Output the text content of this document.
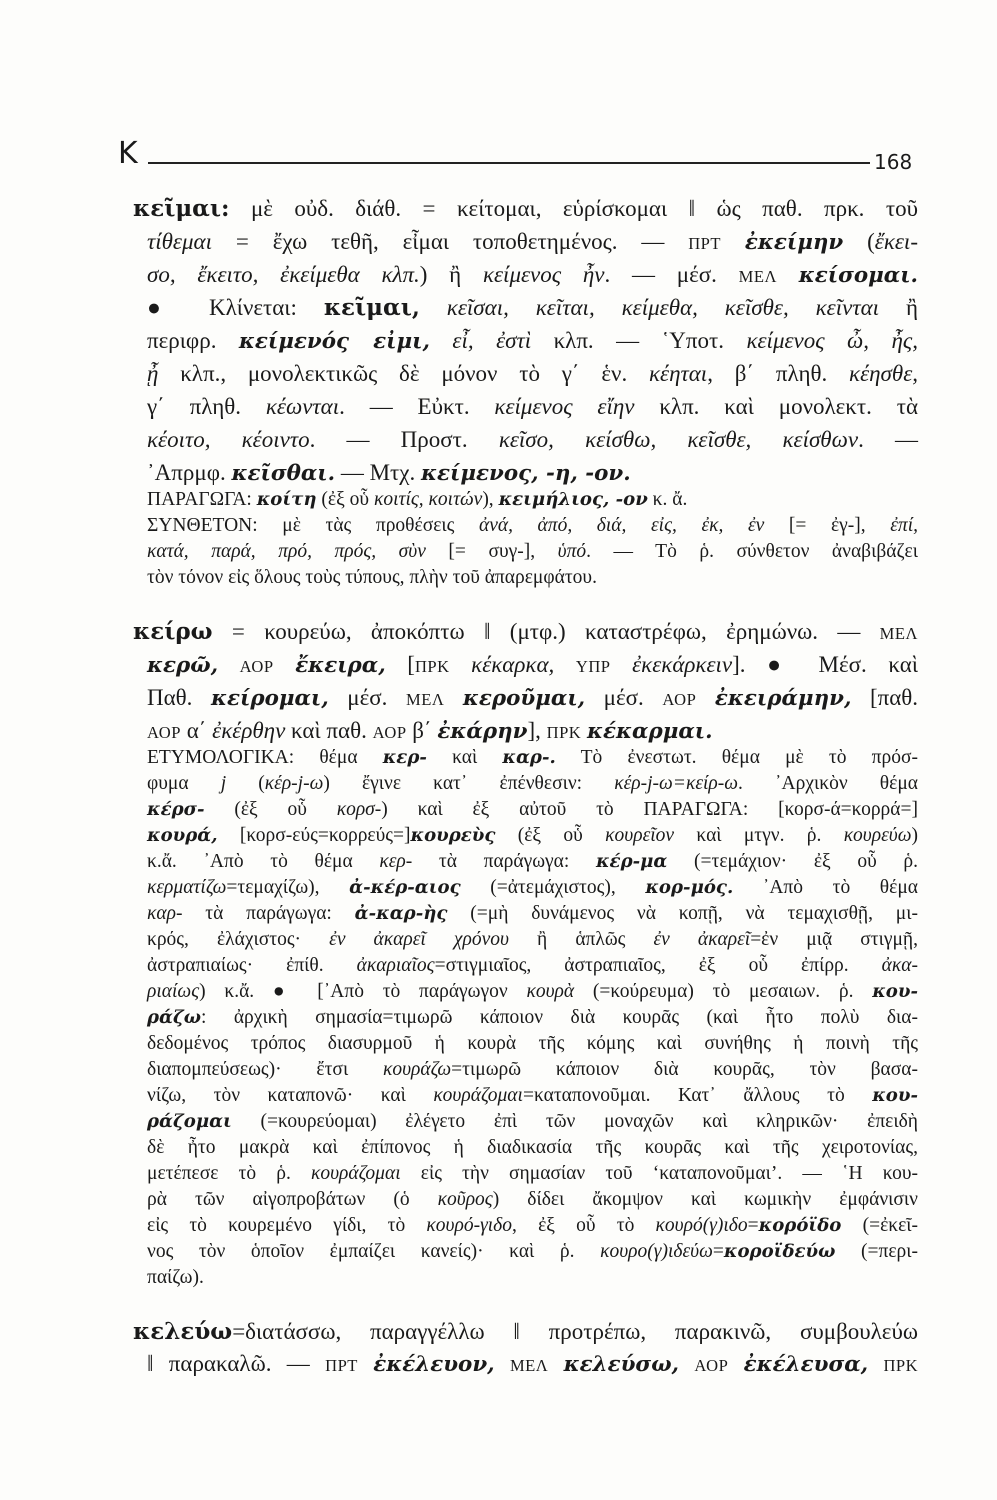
K	168
κεῖμαι: μὲ οὐδ. διάθ. = κείτομαι, εὑρίσκομαι ‖ ὡς παθ. πρκ. τοῦ
τίθεμαι = ἔχω τεθῆ, εἶμαι τοποθετημένος. — ΠΡΤ ἐκείμην (ἔκει-
σο, ἔκειτο, ἐκείμεθα κλπ.) ἢ κείμενος ἦν. — μέσ. ΜΕΛ κείσομαι.
● Κλίνεται: κεῖμαι, κεῖσαι, κεῖται, κείμεθα, κεῖσθε, κεῖνται ἢ
περιφρ. κείμενός εἰμι, εἶ, ἐστὶ κλπ. — ῾Υποτ. κείμενος ὦ, ἦς,
ᾖ κλπ., μονολεκτικῶς δὲ μόνον τὸ γ΄ ἑν. κέηται, β΄ πληθ. κέησθε,
γ΄ πληθ. κέωνται. — Εὐκτ. κείμενος εἴην κλπ. καὶ μονολεκτ. τὰ
κέοιτο, κέοιντο. — Προστ. κεῖσο, κείσθω, κεῖσθε, κείσθων. —
᾿Απρμφ. κεῖσθαι. — Μτχ. κείμενος, -η, -ον.
ΠΑΡΑΓΩΓΑ: κοίτη (ἐξ οὗ κοιτίς, κοιτών), κειμήλιος, -ον κ. ἄ.
ΣΥΝΘΕΤΟΝ: μὲ τὰς προθέσεις ἀνά, ἀπό, διά, εἰς, ἐκ, ἐν [= ἐγ-], ἐπί,
κατά, παρά, πρό, πρός, σὺν [= συγ-], ὑπό. — Τὸ ῥ. σύνθετον ἀναβιβάζει
τὸν τόνον εἰς ὅλους τοὺς τύπους, πλὴν τοῦ ἀπαρεμφάτου.
κείρω = κουρεύω, ἀποκόπτω ‖ (μτφ.) καταστρέφω, ἐρημώνω. — ΜΕΛ
κερῶ, ΑΟΡ ἔκειρα, [ΠΡΚ κέκαρκα, ΥΠΡ ἐκεκάρκειν]. ● Μέσ. καὶ
Παθ. κείρομαι, μέσ. ΜΕΛ κεροῦμαι, μέσ. ΑΟΡ ἐκειράμην, [παθ.
ΑΟΡ α΄ ἐκέρθην καὶ παθ. ΑΟΡ β΄ ἐκάρην], ΠΡΚ κέκαρμαι.
ΕΤΥΜΟΛΟΓΙΚΑ: θέμα κερ- καὶ καρ-. Τὸ ἐνεστωτ. θέμα μὲ τὸ πρόσ-
φυμα j (κέρ-j-ω) ἔγινε κατ᾿ ἐπένθεσιν: κέρ-j-ω=κείρ-ω. ᾿Αρχικὸν θέμα
κέρσ- (ἐξ οὗ κορσ-) καὶ ἐξ αὐτοῦ τὸ ΠΑΡΑΓΩΓΑ: [κορσ-ά=κορρά=]
κουρά, [κορσ-εύς=κορρεύς=]κουρεὺς (ἐξ οὗ κουρεῖον καὶ μτγν. ῥ. κουρεύω)
κ.ἄ. ᾿Απὸ τὸ θέμα κερ- τὰ παράγωγα: κέρ-μα (=τεμάχιον· ἐξ οὗ ῥ.
κερματίζω=τεμαχίζω), ἀ-κέρ-αιος (=ἀτεμάχιστος), κορ-μός. ᾿Απὸ τὸ θέμα
καρ- τὰ παράγωγα: ἀ-καρ-ὴς (=μὴ δυνάμενος νὰ κοπῇ, νὰ τεμαχισθῇ, μι-
κρός, ἐλάχιστος· ἐν ἀκαρεῖ χρόνου ἢ ἁπλῶς ἐν ἀκαρεῖ=ἐν μιᾷ στιγμῇ,
ἀστραπιαίως· ἐπίθ. ἀκαριαῖος=στιγμιαῖος, ἀστραπιαῖος, ἐξ οὗ ἐπίρρ. ἀκα-
ριαίως) κ.ἄ. ● [᾿Απὸ τὸ παράγωγον κουρὰ (=κούρευμα) τὸ μεσαιων. ῥ. κου-
ράζω: ἀρχικὴ σημασία=τιμωρῶ κάποιον διὰ κουρᾶς (καὶ ἦτο πολὺ δια-
δεδομένος τρόπος διασυρμοῦ ἡ κουρὰ τῆς κόμης καὶ συνήθης ἡ ποινὴ τῆς
διαπομπεύσεως)· ἔτσι κουράζω=τιμωρῶ κάποιον διὰ κουρᾶς, τὸν βασα-
νίζω, τὸν καταπονῶ· καὶ κουράζομαι=καταπονοῦμαι. Κατ᾿ ἄλλους τὸ κου-
ράζομαι (=κουρεύομαι) ἐλέγετο ἐπὶ τῶν μοναχῶν καὶ κληρικῶν· ἐπειδὴ
δὲ ἦτο μακρὰ καὶ ἐπίπονος ἡ διαδικασία τῆς κουρᾶς καὶ τῆς χειροτονίας,
μετέπεσε τὸ ῥ. κουράζομαι εἰς τὴν σημασίαν τοῦ ‘καταπονοῦμαι’. — ῾Η κου-
ρὰ τῶν αἰγοπροβάτων (ὁ κοῦρος) δίδει ἄκομψον καὶ κωμικὴν ἐμφάνισιν
εἰς τὸ κουρεμένο γίδι, τὸ κουρό-γιδο, ἐξ οὗ τὸ κουρό(γ)ιδο=κορόϊδο (=ἐκεῖ-
νος τὸν ὁποῖον ἐμπαίζει κανείς)· καὶ ῥ. κουρο(γ)ιδεύω=κοροϊδεύω (=περι-
παίζω).
κελεύω=διατάσσω, παραγγέλλω ‖ προτρέπω, παρακινῶ, συμβουλεύω
‖ παρακαλῶ. — ΠΡΤ ἐκέλευον, ΜΕΛ κελεύσω, ΑΟΡ ἐκέλευσα, ΠΡΚ
